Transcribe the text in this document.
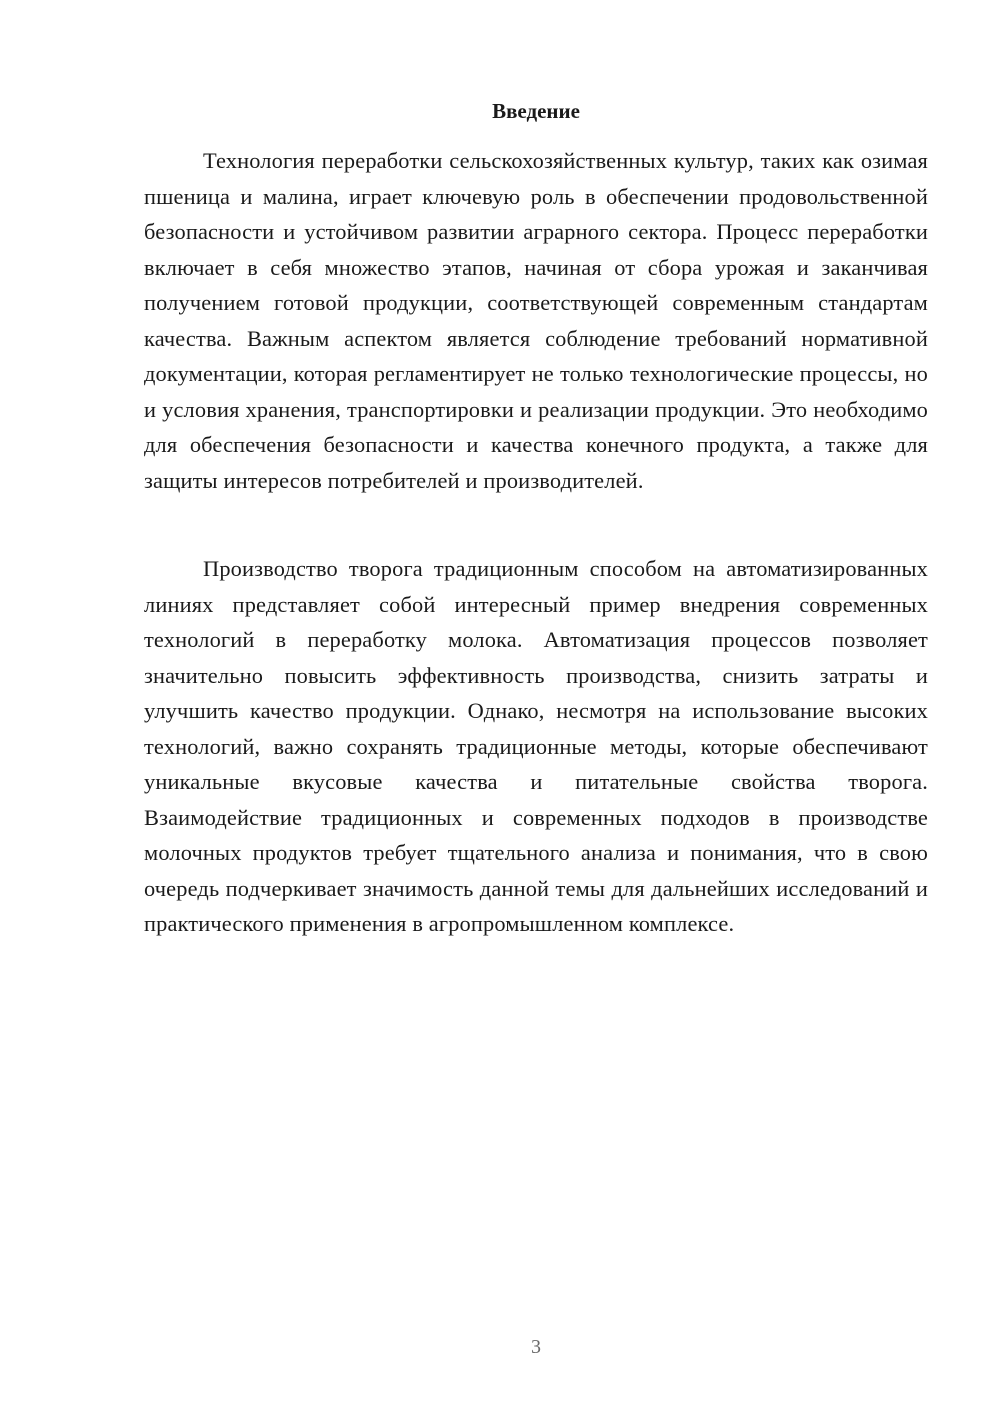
Введение

Технология переработки сельскохозяйственных культур, таких как озимая пшеница и малина, играет ключевую роль в обеспечении продовольственной безопасности и устойчивом развитии аграрного сектора. Процесс переработки включает в себя множество этапов, начиная от сбора урожая и заканчивая получением готовой продукции, соответствующей современным стандартам качества. Важным аспектом является соблюдение требований нормативной документации, которая регламентирует не только технологические процессы, но и условия хранения, транспортировки и реализации продукции. Это необходимо для обеспечения безопасности и качества конечного продукта, а также для защиты интересов потребителей и производителей.

Производство творога традиционным способом на автоматизированных линиях представляет собой интересный пример внедрения современных технологий в переработку молока. Автоматизация процессов позволяет значительно повысить эффективность производства, снизить затраты и улучшить качество продукции. Однако, несмотря на использование высоких технологий, важно сохранять традиционные методы, которые обеспечивают уникальные вкусовые качества и питательные свойства творога. Взаимодействие традиционных и современных подходов в производстве молочных продуктов требует тщательного анализа и понимания, что в свою очередь подчеркивает значимость данной темы для дальнейших исследований и практического применения в агропромышленном комплексе.

3
